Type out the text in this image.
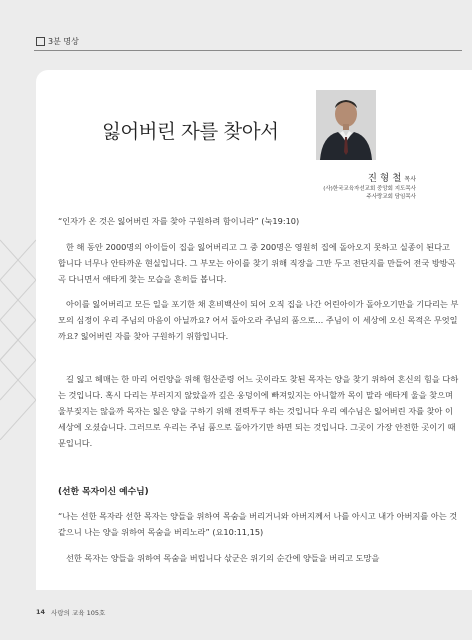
3분 명상
잃어버린 자를 찾아서
진 형 철 목사
(사)한국교육자선교회 중앙회 지도목사
주사랑교회 담임목사

“인자가 온 것은 잃어버린 자를 찾아 구원하려 함이니라” (눅19:10)

한 해 동안 2000명의 아이들이 집을 잃어버리고 그 중 200명은 영원히 집에 돌아오지 못하고 실종이 된다고 합니다 너무나 안타까운 현실입니다. 그 부모는 아이를 찾기 위해 직장을 그만 두고 전단지를 만들어 전국 방방곡곡 다니면서 애타게 찾는 모습을 흔히들 봅니다.

아이를 잃어버리고 모든 일을 포기한 채 혼비백산이 되어 오직 집을 나간 어린아이가 돌아오기만을 기다리는 부모의 심정이 우리 주님의 마음이 아닐까요? 어서 돌아오라 주님의 품으로… 주님이 이 세상에 오신 목적은 무엇일까요? 잃어버린 자를 찾아 구원하기 위함입니다.

길 잃고 헤매는 한 마리 어린양을 위해 험산준령 어느 곳이라도 찾된 목자는 양을 찾기 위하여 혼신의 힘을 다하는 것입니다. 혹시 다리는 부러지지 않았을까 깊은 웅덩이에 빠져있지는 아니할까 목이 말라 애타게 울을 찾으며 울부짖지는 않을까 목자는 잃은 양을 구하기 위해 전력투구 하는 것입니다 우리 예수님은 잃어버린 자를 찾아 이 세상에 오셨습니다. 그러므로 우리는 주님 품으로 돌아가기만 하면 되는 것입니다. 그곳이 가장 안전한 곳이기 때문입니다.

(선한 목자이신 예수님)

“나는 선한 목자라 선한 목자는 양들을 위하여 목숨을 버리거니와 아버지께서 나를 아시고 내가 아버지를 아는 것 같으니 나는 양을 위하여 목숨을 버리노라” (요10:11,15)

선한 목자는 양들을 위하여 목숨을 버립니다 삯군은 위기의 순간에 양들을 버리고 도망을

14 사랑의 교육 105호
